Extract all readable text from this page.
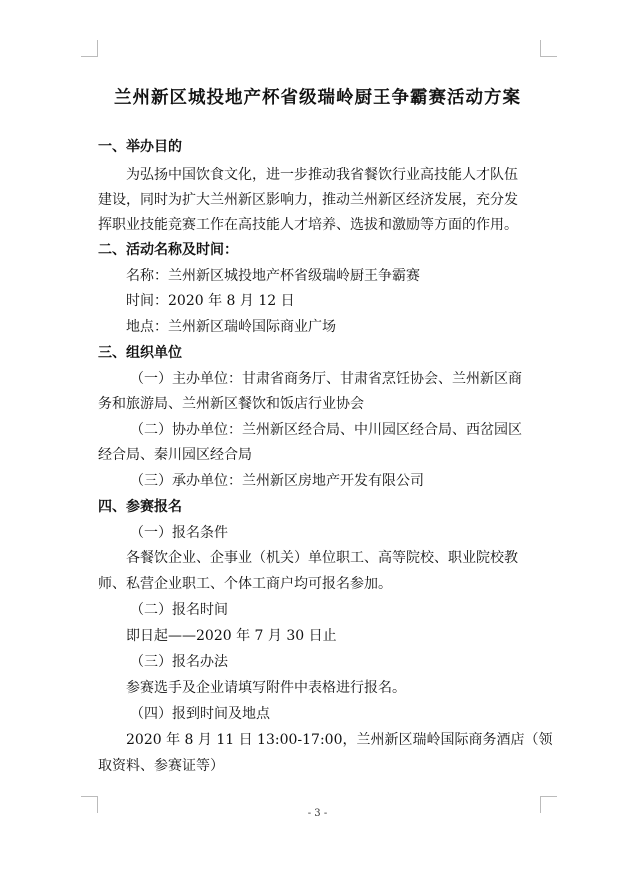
兰州新区城投地产杯省级瑞岭厨王争霸赛活动方案
一、举办目的
为弘扬中国饮食文化，进一步推动我省餐饮行业高技能人才队伍
建设，同时为扩大兰州新区影响力，推动兰州新区经济发展，充分发
挥职业技能竞赛工作在高技能人才培养、选拔和激励等方面的作用。
二、活动名称及时间：
名称：兰州新区城投地产杯省级瑞岭厨王争霸赛
时间：2020 年 8 月 12 日
地点：兰州新区瑞岭国际商业广场
三、组织单位
（一）主办单位：甘肃省商务厅、甘肃省烹饪协会、兰州新区商
务和旅游局、兰州新区餐饮和饭店行业协会
（二）协办单位：兰州新区经合局、中川园区经合局、西岔园区
经合局、秦川园区经合局
（三）承办单位：兰州新区房地产开发有限公司
四、参赛报名
（一）报名条件
各餐饮企业、企事业（机关）单位职工、高等院校、职业院校教
师、私营企业职工、个体工商户均可报名参加。
（二）报名时间
即日起——2020 年 7 月 30 日止
（三）报名办法
参赛选手及企业请填写附件中表格进行报名。
（四）报到时间及地点
2020 年 8 月 11 日 13:00-17:00，兰州新区瑞岭国际商务酒店（领
取资料、参赛证等）
- 3 -
